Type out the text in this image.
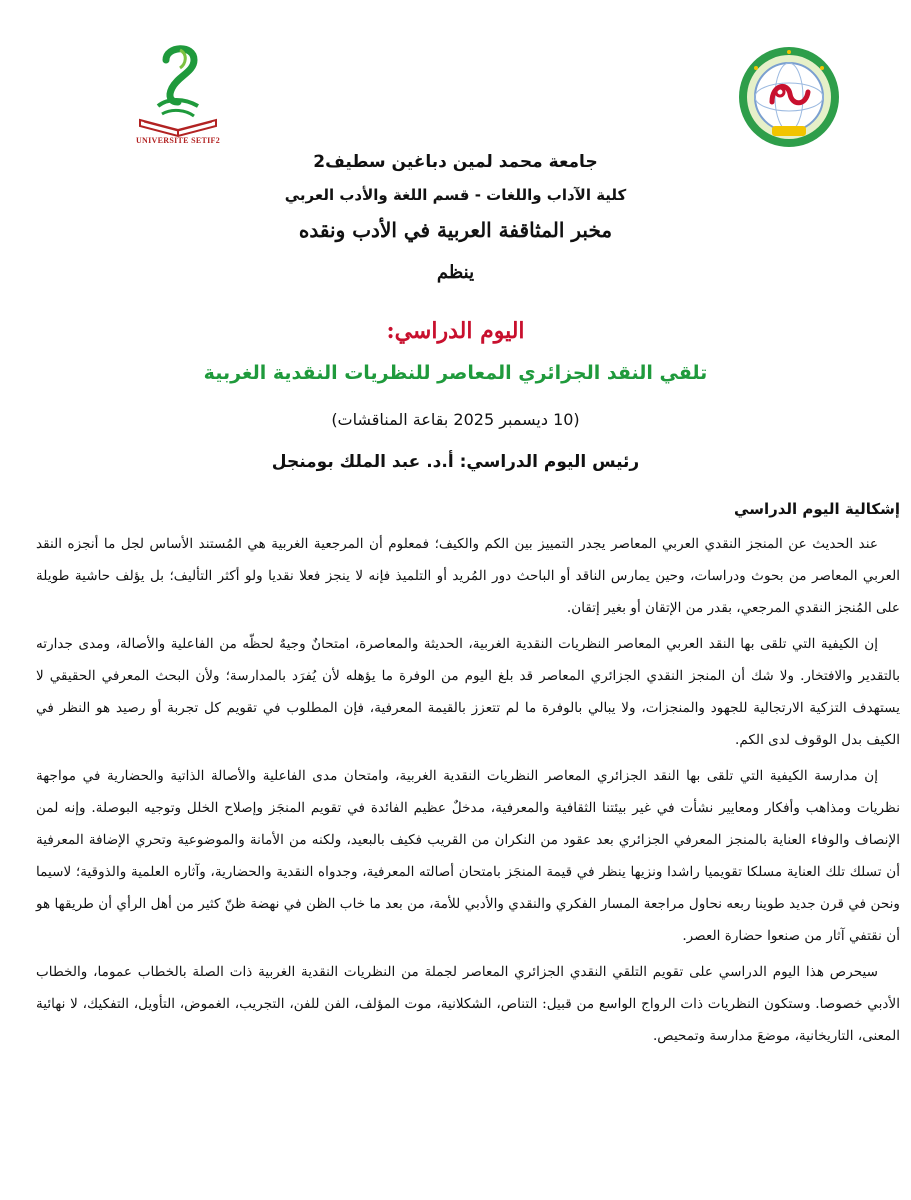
UNIVERSITE SETIF2
جامعة محمد لمين دباغين سطيف2
كلية الآداب واللغات - قسم اللغة والأدب العربي
مخبر المثاقفة العربية في الأدب ونقده
ينظم
اليوم الدراسي:
تلقي النقد الجزائري المعاصر للنظريات النقدية الغربية
(10 ديسمبر 2025 بقاعة المناقشات)
رئيس اليوم الدراسي: أ.د. عبد الملك بومنجل
إشكالية اليوم الدراسي

عند الحديث عن المنجز النقدي العربي المعاصر يجدر التمييز بين الكم والكيف؛ فمعلوم أن المرجعية الغربية هي المُستند الأساس لجل ما أنجزه النقد العربي المعاصر من بحوث ودراسات، وحين يمارس الناقد أو الباحث دور المُريد أو التلميذ فإنه لا ينجز فعلا نقديا ولو أكثر التأليف؛ بل يؤلف حاشية طويلة على المُنجز النقدي المرجعي، بقدر من الإتقان أو بغير إتقان.

إن الكيفية التي تلقى بها النقد العربي المعاصر النظريات النقدية الغربية، الحديثة والمعاصرة، امتحانٌ وجيهٌ لحظّه من الفاعلية والأصالة، ومدى جدارته بالتقدير والافتخار. ولا شك أن المنجز النقدي الجزائري المعاصر قد بلغ اليوم من الوفرة ما يؤهله لأن يُفرَد بالمدارسة؛ ولأن البحث المعرفي الحقيقي لا يستهدف التزكية الارتجالية للجهود والمنجزات، ولا يبالي بالوفرة ما لم تتعزز بالقيمة المعرفية، فإن المطلوب في تقويم كل تجربة أو رصيد هو النظر في الكيف بدل الوقوف لدى الكم.

إن مدارسة الكيفية التي تلقى بها النقد الجزائري المعاصر النظريات النقدية الغربية، وامتحان مدى الفاعلية والأصالة الذاتية والحضارية في مواجهة نظريات ومذاهب وأفكار ومعايير نشأت في غير بيئتنا الثقافية والمعرفية، مدخلٌ عظيم الفائدة في تقويم المنجَز وإصلاح الخلل وتوجيه البوصلة. وإنه لمن الإنصاف والوفاء العناية بالمنجز المعرفي الجزائري بعد عقود من النكران من القريب فكيف بالبعيد، ولكنه من الأمانة والموضوعية وتحري الإضافة المعرفية أن تسلك تلك العناية مسلكا تقويميا راشدا ونزيها ينظر في قيمة المنجَز بامتحان أصالته المعرفية، وجدواه النقدية والحضارية، وآثاره العلمية والذوقية؛ لاسيما ونحن في قرن جديد طوينا ربعه نحاول مراجعة المسار الفكري والنقدي والأدبي للأمة، من بعد ما خاب الظن في نهضة ظنّ كثير من أهل الرأي أن طريقها هو أن نقتفي آثار من صنعوا حضارة العصر.

سيحرص هذا اليوم الدراسي على تقويم التلقي النقدي الجزائري المعاصر لجملة من النظريات النقدية الغربية ذات الصلة بالخطاب عموما، والخطاب الأدبي خصوصا. وستكون النظريات ذات الرواج الواسع من قبيل: التناص، الشكلانية، موت المؤلف، الفن للفن، التجريب، الغموض، التأويل، التفكيك، لا نهائية المعنى، التاريخانية، موضعَ مدارسة وتمحيص.
